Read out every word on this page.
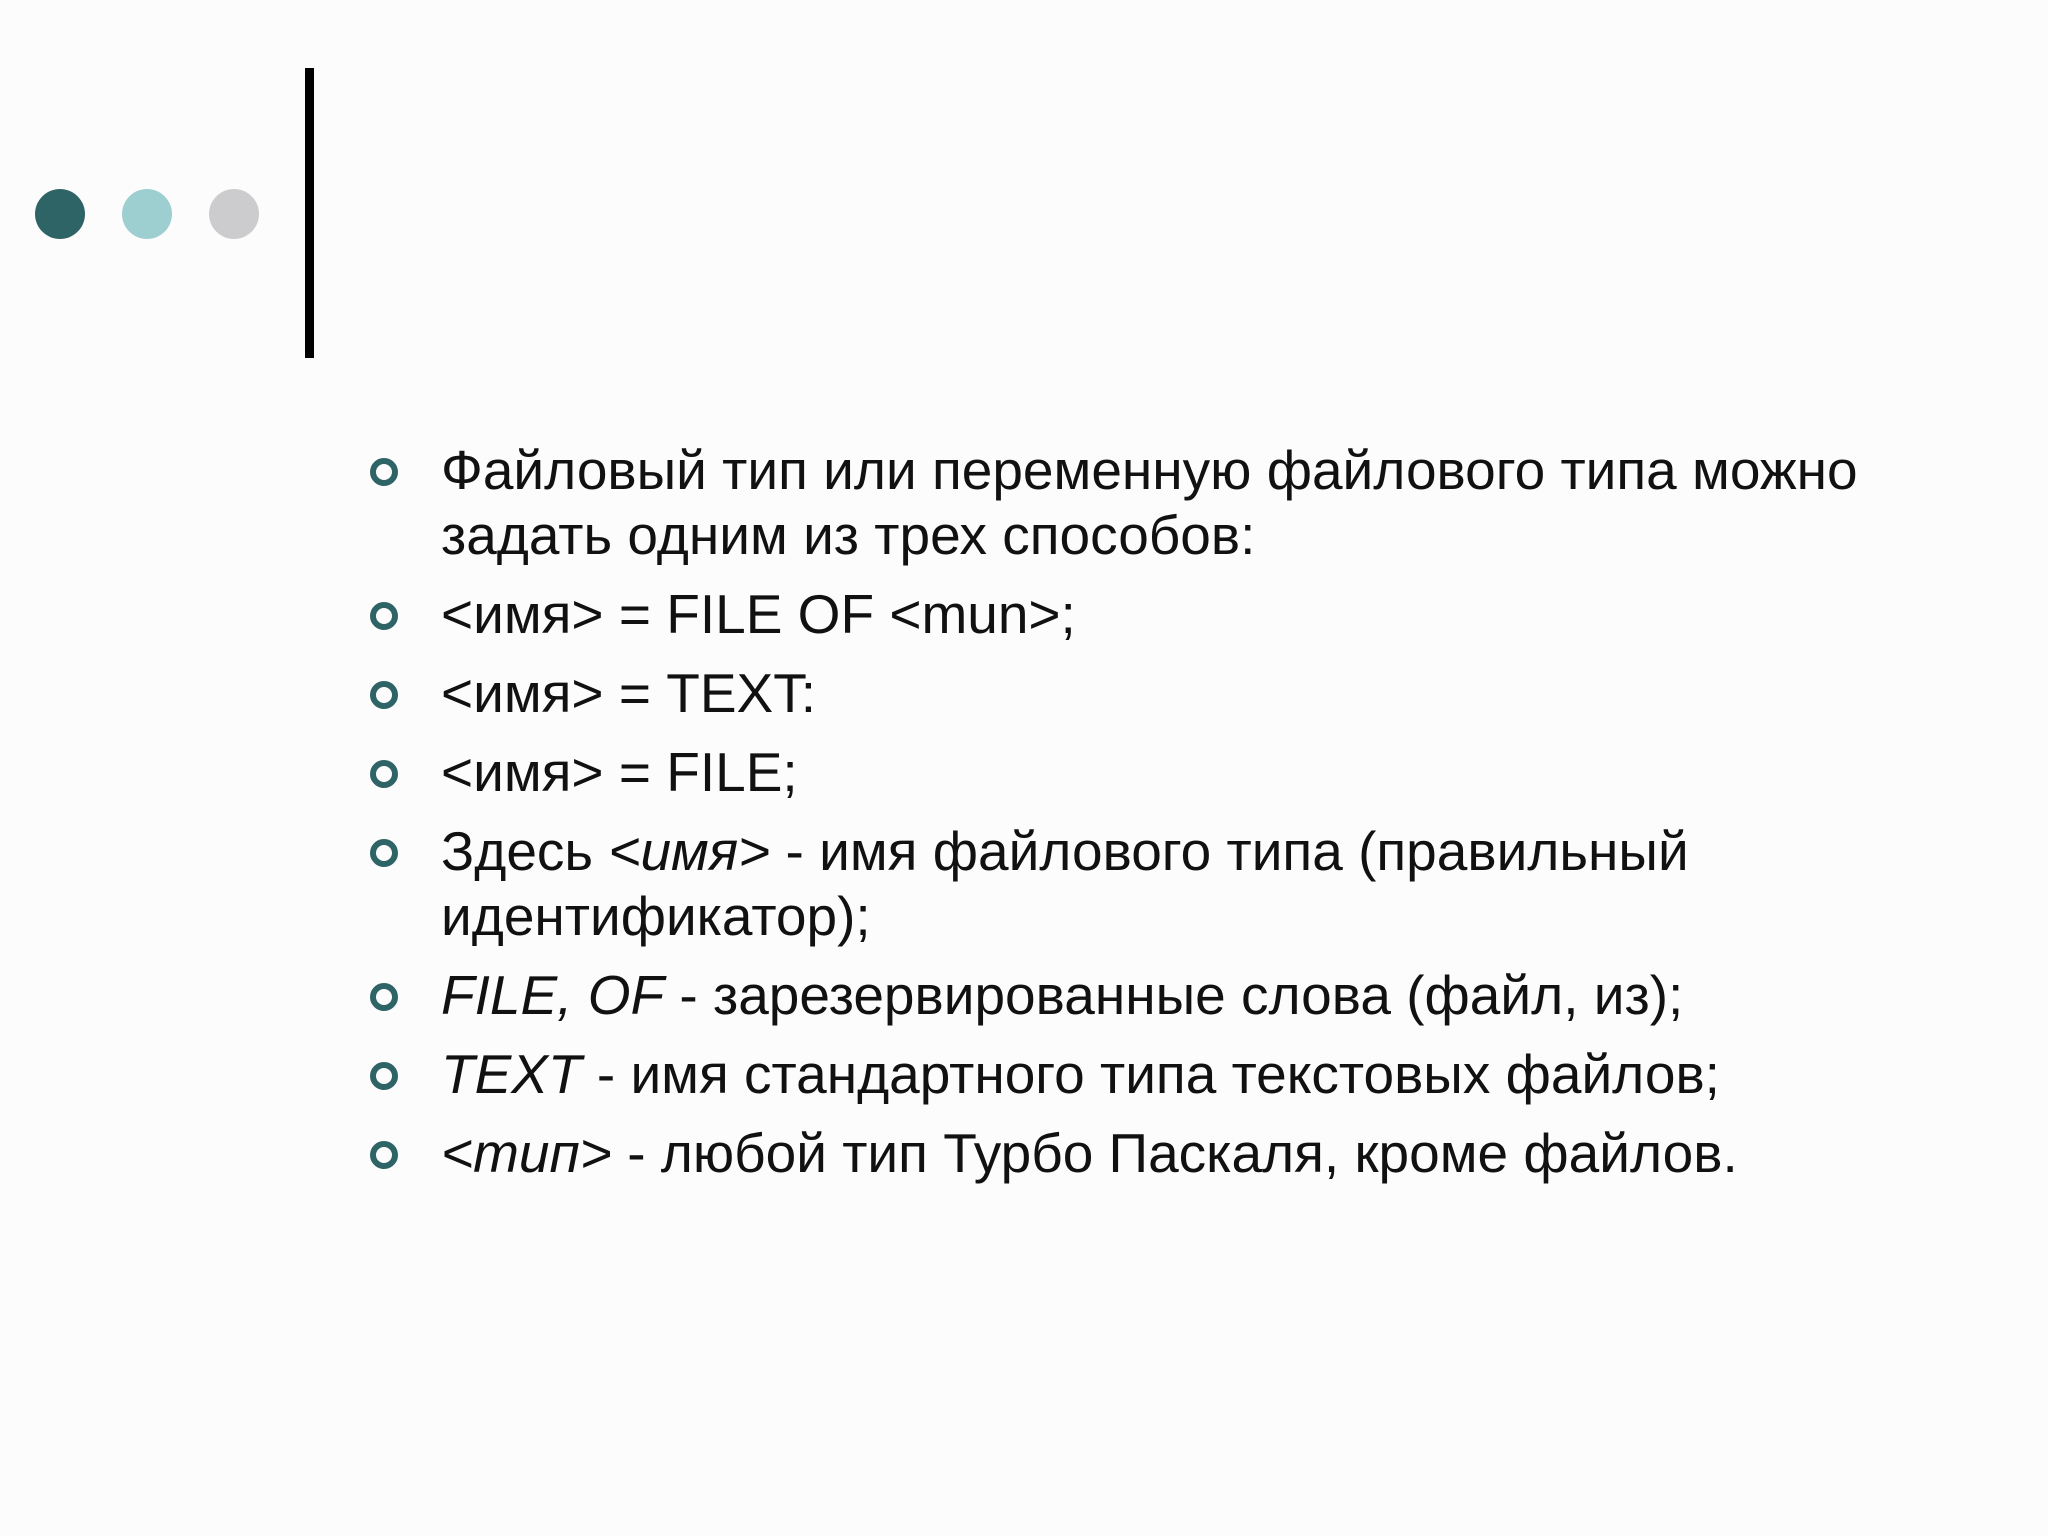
Файловый тип или переменную файлового типа можно задать одним из трех способов:
<имя> = FILE OF <mun>;
<имя> = TEXT:
<имя> = FILE;
Здесь <имя> - имя файлового типа (правильный идентификатор);
FILE, OF - зарезервированные слова (файл, из);
TEXT - имя стандартного типа текстовых файлов;
<тип> - любой тип Турбо Паскаля, кроме файлов.
